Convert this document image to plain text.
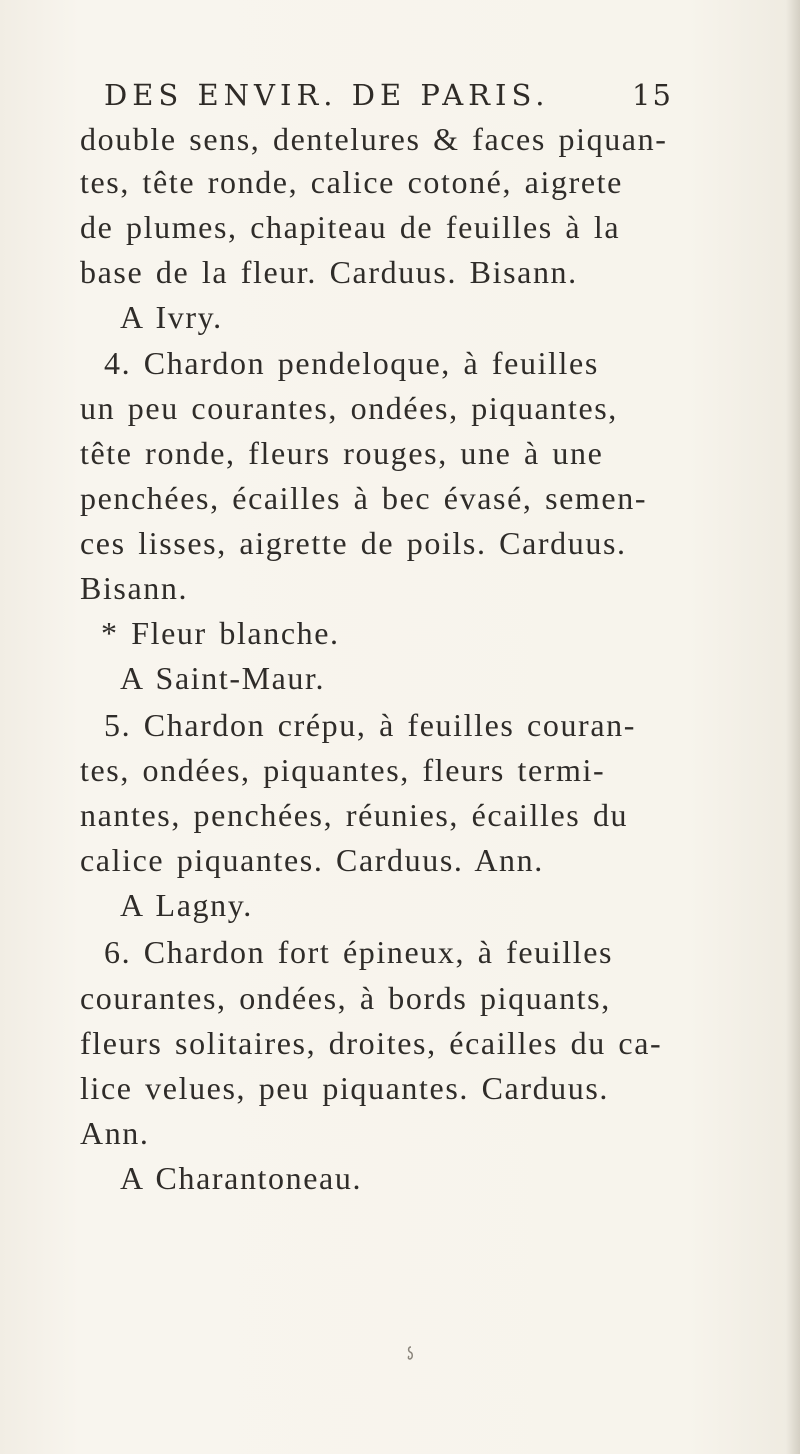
DES ENVIR. DE PARIS.	15
double sens, dentelures & faces piquan-
tes, tête ronde, calice cotoné, aigrete
de plumes, chapiteau de feuilles à la
base de la fleur. Carduus. Bisann.
A Ivry.
4. Chardon pendeloque, à feuilles
un peu courantes, ondées, piquantes,
tête ronde, fleurs rouges, une à une
penchées, écailles à bec évasé, semen-
ces lisses, aigrette de poils. Carduus.
Bisann.
* Fleur blanche.
A Saint-Maur.
5. Chardon crépu, à feuilles couran-
tes, ondées, piquantes, fleurs termi-
nantes, penchées, réunies, écailles du
calice piquantes. Carduus. Ann.
A Lagny.
6. Chardon fort épineux, à feuilles
courantes, ondées, à bords piquants,
fleurs solitaires, droites, écailles du ca-
lice velues, peu piquantes. Carduus.
Ann.
A Charantoneau.
